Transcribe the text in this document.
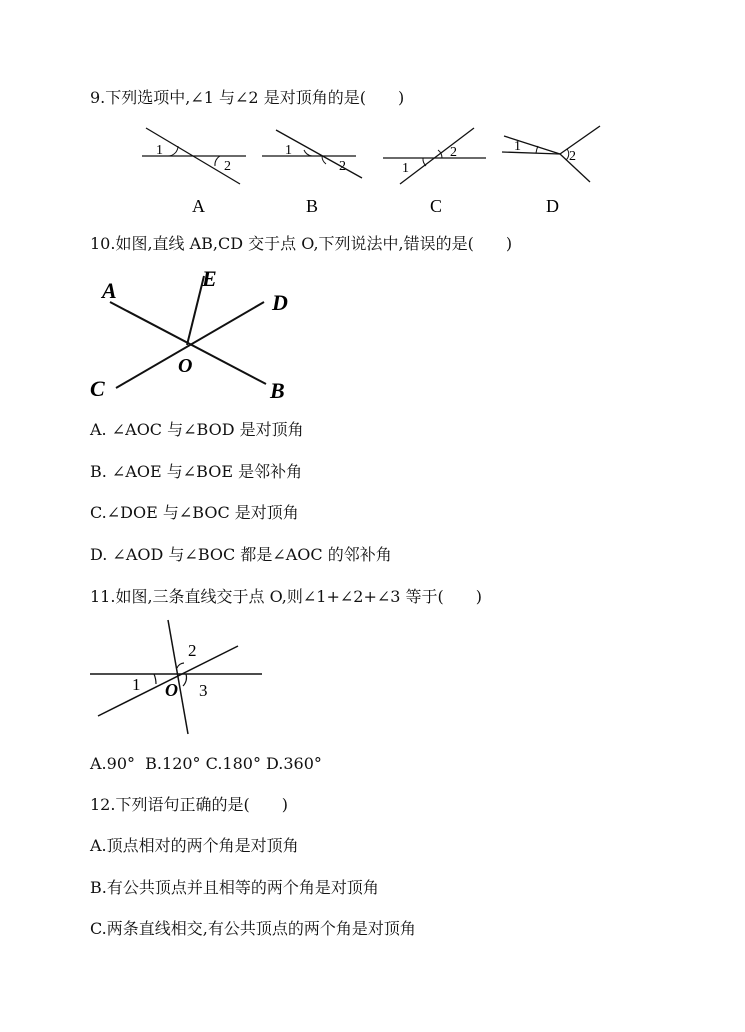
9.下列选项中,∠1 与∠2 是对顶角的是(　　)
1
2
A
1
2
B
1
2
C
1
2
D
10.如图,直线 AB,CD 交于点 O,下列说法中,错误的是(　　)
A
B
C
D
E
O
A. ∠AOC 与∠BOD 是对顶角
B. ∠AOE 与∠BOE 是邻补角
C.∠DOE 与∠BOC 是对顶角
D. ∠AOD 与∠BOC 都是∠AOC 的邻补角
11.如图,三条直线交于点 O,则∠1+∠2+∠3 等于(　　)
1
2
3
O
A.90°  B.120° C.180° D.360°
12.下列语句正确的是(　　)
A.顶点相对的两个角是对顶角
B.有公共顶点并且相等的两个角是对顶角
C.两条直线相交,有公共顶点的两个角是对顶角
